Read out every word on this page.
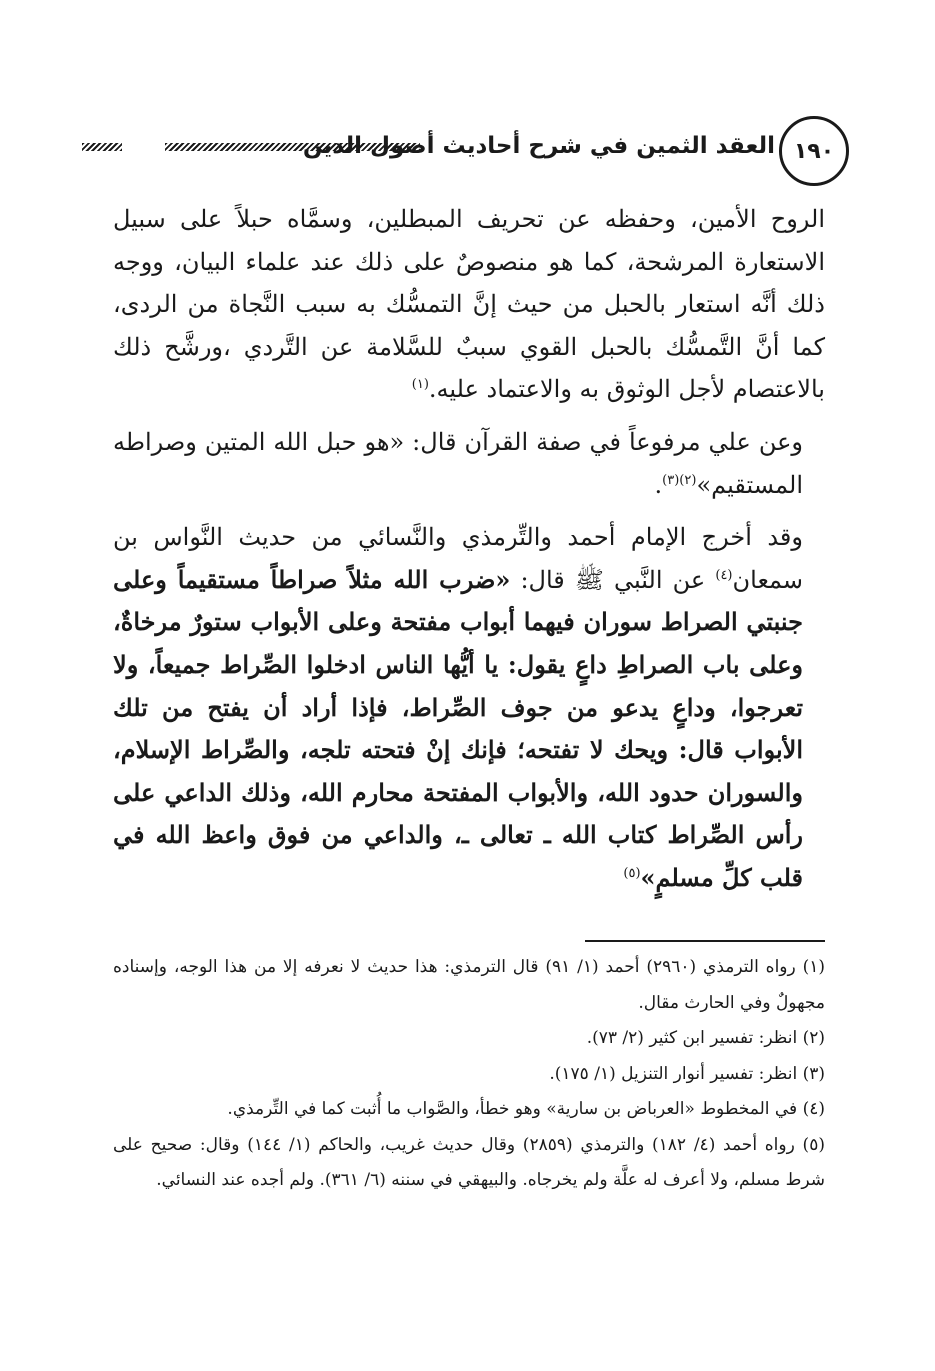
١٩٠
العقد الثمين في شرح أحاديث أصول الدين

الروح الأمين، وحفظه عن تحريف المبطلين، وسمَّاه حبلاً على سبيل الاستعارة المرشحة، كما هو منصوصٌ على ذلك عند علماء البيان، ووجه ذلك أنَّه استعار بالحبل من حيث إنَّ التمسُّك به سبب النَّجاة من الردى، كما أنَّ التَّمسُّك بالحبل القوي سببٌ للسَّلامة عن التَّردي ،ورشَّح ذلك بالاعتصام لأجل الوثوق به والاعتماد عليه.$^{(١)}$

وعن علي مرفوعاً في صفة القرآن قال: «هو حبل الله المتين وصراطه المستقيم»$^{(٢)(٣)}$.

وقد أخرج الإمام أحمد والتِّرمذي والنَّسائي من حديث النَّواس بن سمعان$^{(٤)}$ عن النَّبي ﷺ قال: «ضرب الله مثلاً صراطاً مستقيماً وعلى جنبتي الصراط سوران فيهما أبواب مفتحة وعلى الأبواب ستورٌ مرخاةٌ، وعلى باب الصراطِ داعٍ يقول: يا أيُّها الناس ادخلوا الصِّراط جميعاً، ولا تعرجوا، وداعٍ يدعو من جوف الصِّراط، فإذا أراد أن يفتح من تلك الأبواب قال: ويحك لا تفتحه؛ فإنك إنْ فتحته تلجه، والصِّراط الإسلام، والسوران حدود الله، والأبواب المفتحة محارم الله، وذلك الداعي على رأس الصِّراط كتاب الله ـ تعالى ـ، والداعي من فوق واعظ الله في قلب كلِّ مسلمٍ»$^{(٥)}$

(١) رواه الترمذي (٢٩٦٠) أحمد (١/ ٩١) قال الترمذي: هذا حديث لا نعرفه إلا من هذا الوجه، وإسناده مجهولٌ وفي الحارث مقال.

(٢) انظر: تفسير ابن كثير (٢/ ٧٣).

(٣) انظر: تفسير أنوار التنزيل (١/ ١٧٥).

(٤) في المخطوط «العرباض بن سارية» وهو خطأ، والصَّواب ما أُثبت كما في التِّرمذي.

(٥) رواه أحمد (٤/ ١٨٢) والترمذي (٢٨٥٩) وقال حديث غريب، والحاكم (١/ ١٤٤) وقال: صحيح على شرط مسلم، ولا أعرف له علَّة ولم يخرجاه. والبيهقي في سننه (٦/ ٣٦١). ولم أجده عند النسائي.
